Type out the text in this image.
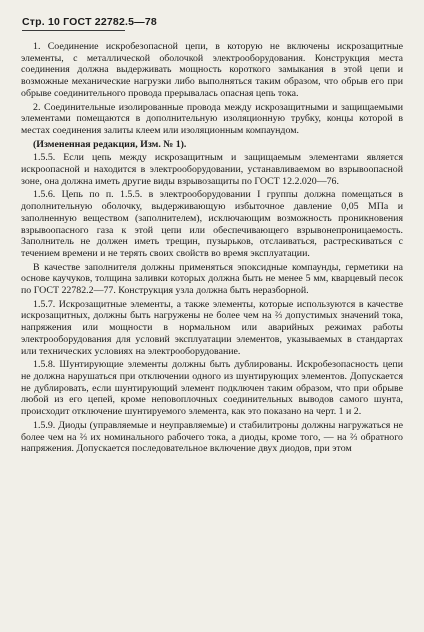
Стр. 10 ГОСТ 22782.5—78

1. Соединение искробезопасной цепи, в которую не включены искрозащитные элементы, с металлической оболочкой электрооборудования. Конструкция места соединения должна выдерживать мощность короткого замыкания в этой цепи и возможные механические нагрузки либо выполняться таким образом, что обрыв его при обрыве соединительного провода прерывалась опасная цепь тока.

2. Соединительные изолированные провода между искрозащитными и защищаемыми элементами помещаются в дополнительную изоляционную трубку, концы которой в местах соединения залиты клеем или изоляционным компаундом.

(Измененная редакция, Изм. № 1).

1.5.5. Если цепь между искрозащитным и защищаемым элементами является искроопасной и находится в электрооборудовании, устанавливаемом во взрывоопасной зоне, она должна иметь другие виды взрывозащиты по ГОСТ 12.2.020—76.

1.5.6. Цепь по п. 1.5.5. в электрооборудовании I группы должна помещаться в дополнительную оболочку, выдерживающую избыточное давление 0,05 МПа и заполненную веществом (заполнителем), исключающим возможность проникновения взрывоопасного газа к этой цепи или обеспечивающего взрывонепроницаемость. Заполнитель не должен иметь трещин, пузырьков, отслаиваться, растрескиваться с течением времени и не терять своих свойств во время эксплуатации.

В качестве заполнителя должны применяться эпоксидные компаунды, герметики на основе каучуков, толщина заливки которых должна быть не менее 5 мм, кварцевый песок по ГОСТ 22782.2—77. Конструкция узла должна быть неразборной.

1.5.7. Искрозащитные элементы, а также элементы, которые используются в качестве искрозащитных, должны быть нагружены не более чем на ⅔ допустимых значений тока, напряжения или мощности в нормальном или аварийных режимах работы электрооборудования для условий эксплуатации элементов, указываемых в стандартах или технических условиях на электрооборудование.

1.5.8. Шунтирующие элементы должны быть дублированы. Искробезопасность цепи не должна нарушаться при отключении одного из шунтирующих элементов. Допускается не дублировать, если шунтирующий элемент подключен таким образом, что при обрыве любой из его цепей, кроме неповоплочных соединительных выводов самого шунта, происходит отключение шунтируемого элемента, как это показано на черт. 1 и 2.

1.5.9. Диоды (управляемые и неуправляемые) и стабилитроны должны нагружаться не более чем на ⅔ их номинального рабочего тока, а диоды, кроме того, — на ⅔ обратного напряжения. Допускается последовательное включение двух диодов, при этом
